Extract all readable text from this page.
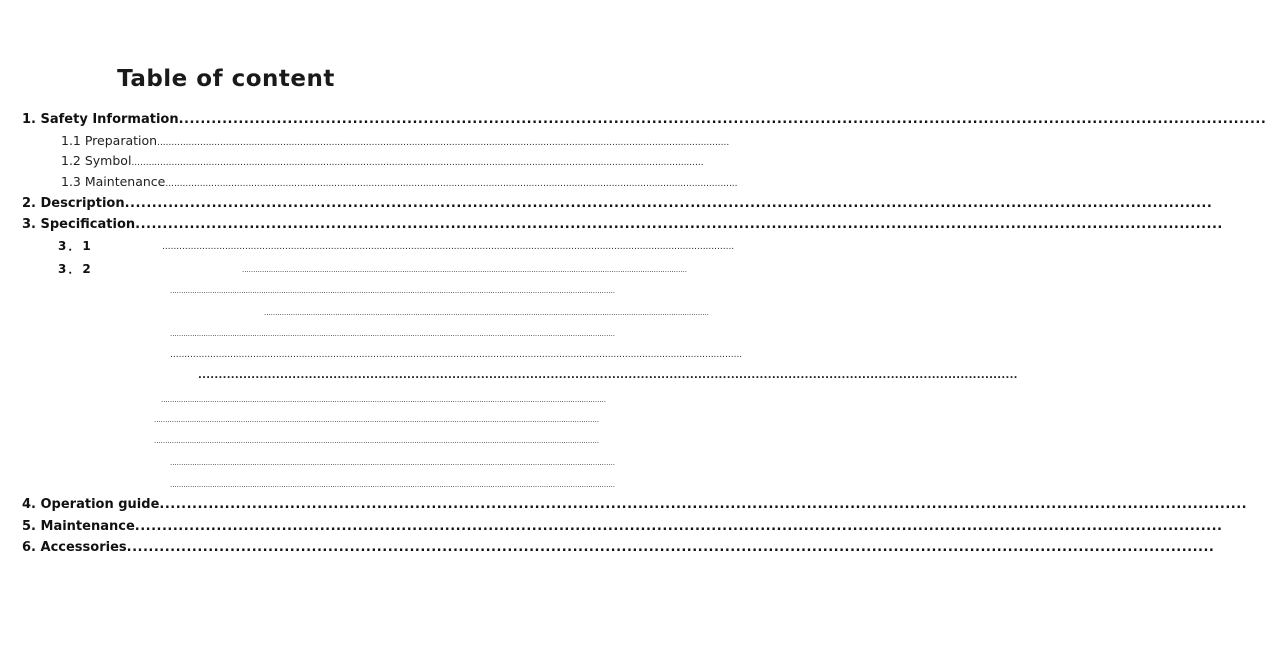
Table of content
1. Safety Information ........................................................................................................................................................................................................
1.1 Preparation ........................................................................................................................................................................................................
1.2 Symbol ........................................................................................................................................................................................................
1.3 Maintenance ........................................................................................................................................................................................................
2. Description ........................................................................................................................................................................................................
3. Specification ........................................................................................................................................................................................................
3．1	........................................................................................................................................................................................................
3．2	........................................................................................................................................................................................................
........................................................................................................................................................................................................
........................................................................................................................................................................................................
........................................................................................................................................................................................................
........................................................................................................................................................................................................
........................................................................................................................................................................................................
........................................................................................................................................................................................................
........................................................................................................................................................................................................
........................................................................................................................................................................................................
........................................................................................................................................................................................................
........................................................................................................................................................................................................
4. Operation guide ........................................................................................................................................................................................................
5. Maintenance ........................................................................................................................................................................................................
6. Accessories ........................................................................................................................................................................................................
